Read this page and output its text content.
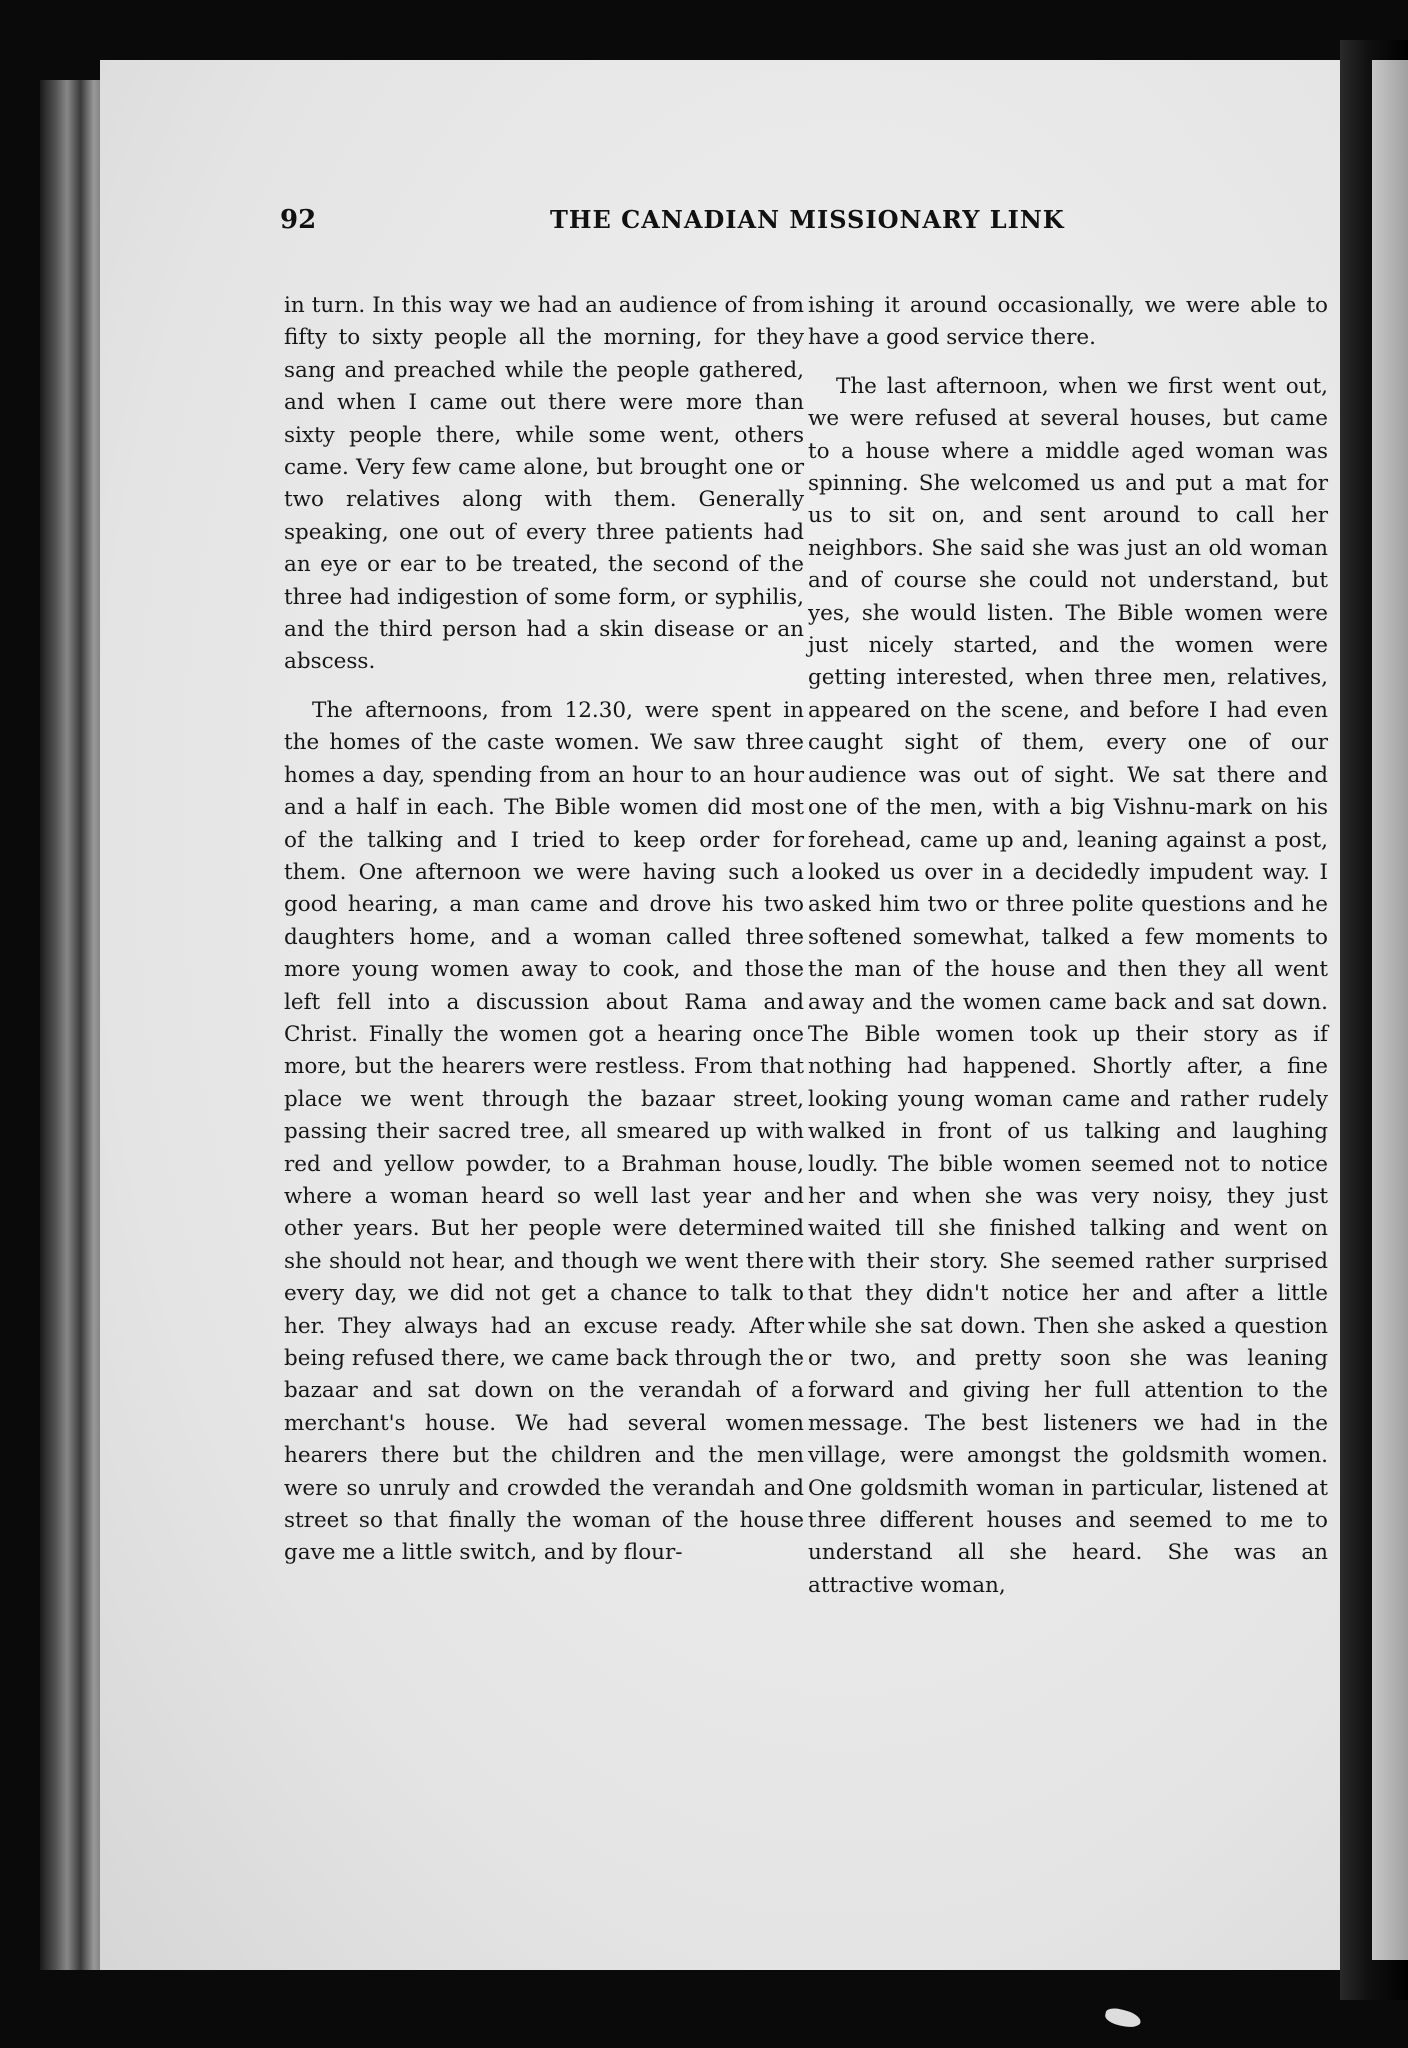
92	THE CANADIAN MISSIONARY LINK

in turn. In this way we had an audience of from fifty to sixty people all the morning, for they sang and preached while the people gathered, and when I came out there were more than sixty people there, while some went, others came. Very few came alone, but brought one or two relatives along with them. Generally speaking, one out of every three patients had an eye or ear to be treated, the second of the three had indigestion of some form, or syphilis, and the third person had a skin disease or an abscess.

The afternoons, from 12.30, were spent in the homes of the caste women. We saw three homes a day, spending from an hour to an hour and a half in each. The Bible women did most of the talking and I tried to keep order for them. One afternoon we were having such a good hearing, a man came and drove his two daughters home, and a woman called three more young women away to cook, and those left fell into a discussion about Rama and Christ. Finally the women got a hearing once more, but the hearers were restless. From that place we went through the bazaar street, passing their sacred tree, all smeared up with red and yellow powder, to a Brahman house, where a woman heard so well last year and other years. But her people were determined she should not hear, and though we went there every day, we did not get a chance to talk to her. They always had an excuse ready. After being refused there, we came back through the bazaar and sat down on the verandah of a merchant's house. We had several women hearers there but the children and the men were so unruly and crowded the verandah and street so that finally the woman of the house gave me a little switch, and by flour-

ishing it around occasionally, we were able to have a good service there.

The last afternoon, when we first went out, we were refused at several houses, but came to a house where a middle aged woman was spinning. She welcomed us and put a mat for us to sit on, and sent around to call her neighbors. She said she was just an old woman and of course she could not understand, but yes, she would listen. The Bible women were just nicely started, and the women were getting interested, when three men, relatives, appeared on the scene, and before I had even caught sight of them, every one of our audience was out of sight. We sat there and one of the men, with a big Vishnu-mark on his forehead, came up and, leaning against a post, looked us over in a decidedly impudent way. I asked him two or three polite questions and he softened somewhat, talked a few moments to the man of the house and then they all went away and the women came back and sat down. The Bible women took up their story as if nothing had happened. Shortly after, a fine looking young woman came and rather rudely walked in front of us talking and laughing loudly. The bible women seemed not to notice her and when she was very noisy, they just waited till she finished talking and went on with their story. She seemed rather surprised that they didn't notice her and after a little while she sat down. Then she asked a question or two, and pretty soon she was leaning forward and giving her full attention to the message. The best listeners we had in the village, were amongst the goldsmith women. One goldsmith woman in particular, listened at three different houses and seemed to me to understand all she heard. She was an attractive woman,
